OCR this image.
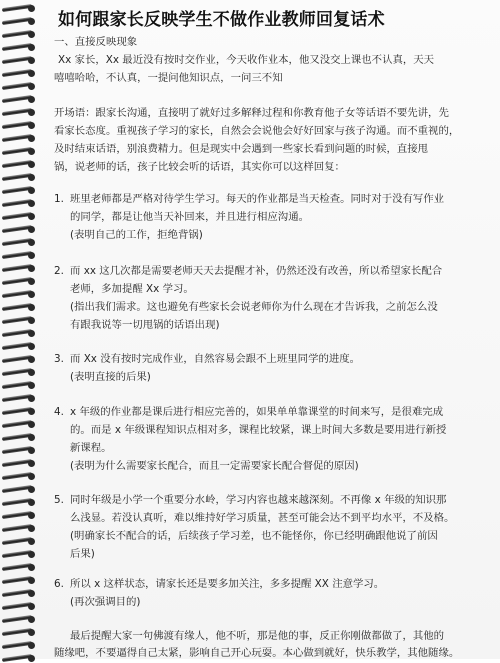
如何跟家长反映学生不做作业教师回复话术
一、直接反映现象
Xx 家长，Xx 最近没有按时交作业，今天收作业本，他又没交上课也不认真，天天
嘻嘻哈哈，不认真，一提问他知识点，一问三不知
开场语：跟家长沟通，直接明了就好过多解释过程和你教育他子女等话语不要先讲，先
看家长态度。重视孩子学习的家长，自然会会说他会好好回家与孩子沟通。而不重视的，
及时结束话语，别浪费精力。但是现实中会遇到一些家长看到问题的时候，直接甩
锅，说老师的话，孩子比较会听的话语，其实你可以这样回复：
1. 班里老师都是严格对待学生学习。每天的作业都是当天检查。同时对于没有写作业
的同学，都是让他当天补回来，并且进行相应沟通。
(表明自己的工作，拒绝背锅)
2. 而 xx 这几次都是需要老师天天去提醒才补，仍然还没有改善，所以希望家长配合
老师，多加提醒 Xx 学习。
(指出我们需求。这也避免有些家长会说老师你为什么现在才告诉我，之前怎么没
有跟我说等一切甩锅的话语出现)
3. 而 Xx 没有按时完成作业，自然容易会跟不上班里同学的进度。
(表明直接的后果)
4. x 年级的作业都是课后进行相应完善的，如果单单靠课堂的时间来写，是很难完成
的。而是 x 年级课程知识点相对多，课程比较紧，课上时间大多数是要用进行新授
新课程。
(表明为什么需要家长配合，而且一定需要家长配合督促的原因)
5. 同时年级是小学一个重要分水岭，学习内容也越来越深刻。不再像 x 年级的知识那
么浅显。若没认真听，难以维持好学习质量，甚至可能会达不到平均水平，不及格。
(明确家长不配合的话，后续孩子学习差，也不能怪你，你已经明确跟他说了前因
后果)
6. 所以 x 这样状态，请家长还是要多加关注，多多提醒 XX 注意学习。
(再次强调目的)
最后提醒大家一句佛渡有缘人，他不听，那是他的事，反正你刚做都做了，其他的
随缘吧，不要逼得自己太紧，影响自己开心玩耍。本心做到就好，快乐教学，其他随缘。
